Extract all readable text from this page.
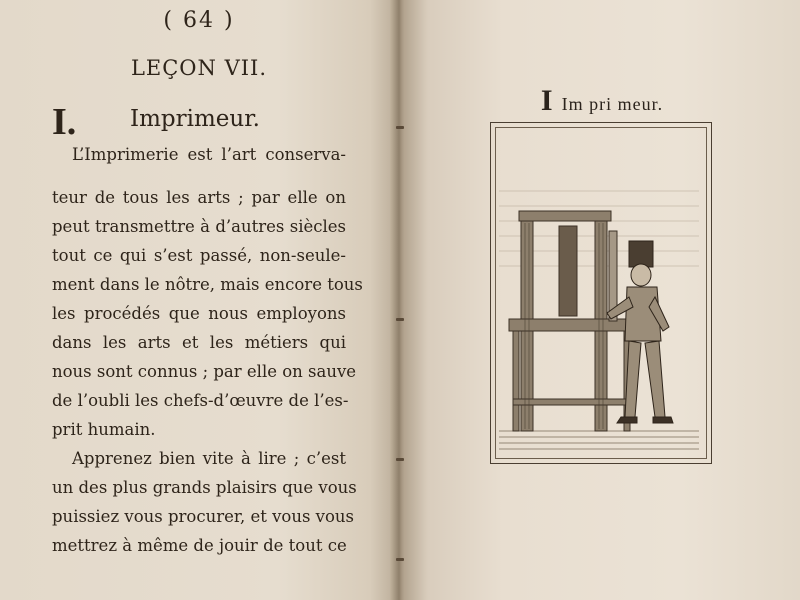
( 64 )
LEÇON VII.
I. Imprimeur.
L’Imprimerie est l’art conserva-
teur de tous les arts ; par elle on
peut transmettre à d’autres siècles
tout ce qui s’est passé, non-seule-
ment dans le nôtre, mais encore tous
les procédés que nous employons
dans les arts et les métiers qui
nous sont connus ; par elle on sauve
de l’oubli les chefs-d’œuvre de l’es-
prit humain.
Apprenez bien vite à lire ; c’est
un des plus grands plaisirs que vous
puissiez vous procurer, et vous vous
mettrez à même de jouir de tout ce
I Im pri meur.
